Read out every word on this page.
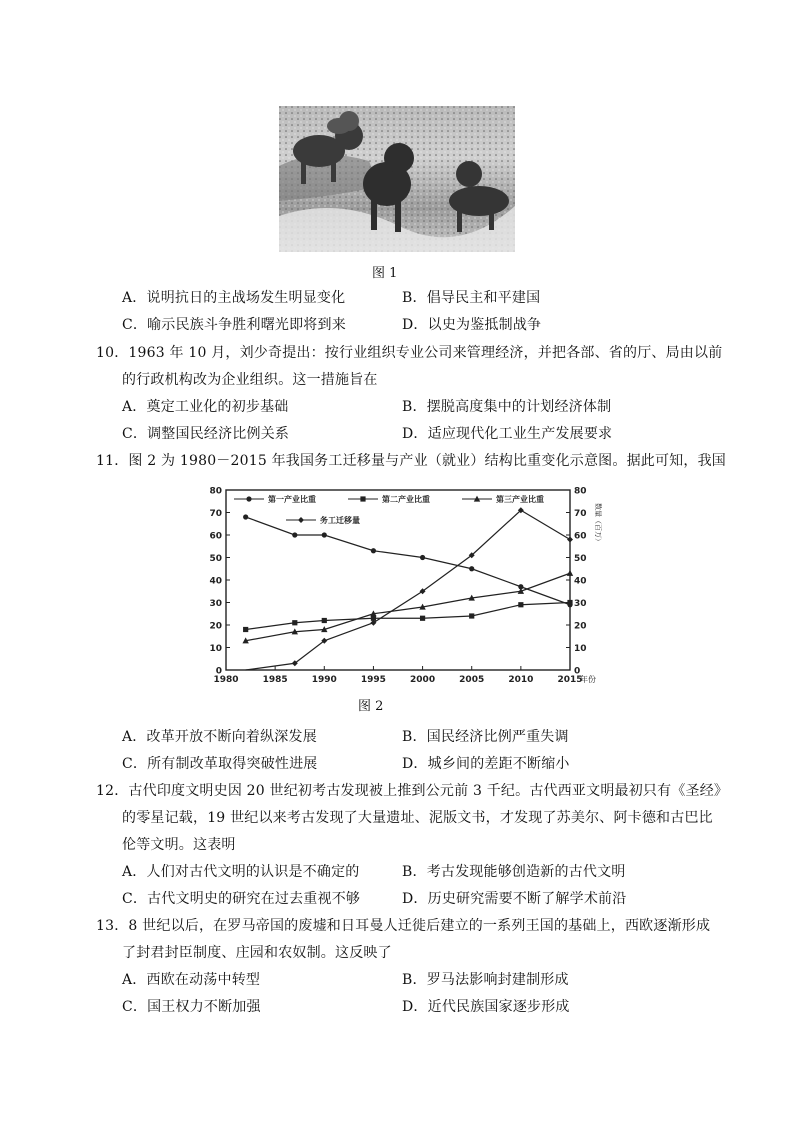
图 1
A．说明抗日的主战场发生明显变化	B．倡导民主和平建国
C．喻示民族斗争胜利曙光即将到来	D．以史为鉴抵制战争
10．1963 年 10 月，刘少奇提出：按行业组织专业公司来管理经济，并把各部、省的厅、局由以前
的行政机构改为企业组织。这一措施旨在
A．奠定工业化的初步基础	B．摆脱高度集中的计划经济体制
C．调整国民经济比例关系	D．适应现代化工业生产发展要求
11．图 2 为 1980－2015 年我国务工迁移量与产业（就业）结构比重变化示意图。据此可知，我国
0
10
20
30
40
50
60
70
80
0
10
20
30
40
50
60
70
80
数量（百万）
1980	1985	1990	1995	2000	2005	2010	2015
年份
第一产业比重	第二产业比重	第三产业比重
务工迁移量
图 2
A．改革开放不断向着纵深发展	B．国民经济比例严重失调
C．所有制改革取得突破性进展	D．城乡间的差距不断缩小
12．古代印度文明史因 20 世纪初考古发现被上推到公元前 3 千纪。古代西亚文明最初只有《圣经》
的零星记载，19 世纪以来考古发现了大量遗址、泥版文书，才发现了苏美尔、阿卡德和古巴比
伦等文明。这表明
A．人们对古代文明的认识是不确定的	B．考古发现能够创造新的古代文明
C．古代文明史的研究在过去重视不够	D．历史研究需要不断了解学术前沿
13．8 世纪以后，在罗马帝国的废墟和日耳曼人迁徙后建立的一系列王国的基础上，西欧逐渐形成
了封君封臣制度、庄园和农奴制。这反映了
A．西欧在动荡中转型	B．罗马法影响封建制形成
C．国王权力不断加强	D．近代民族国家逐步形成
